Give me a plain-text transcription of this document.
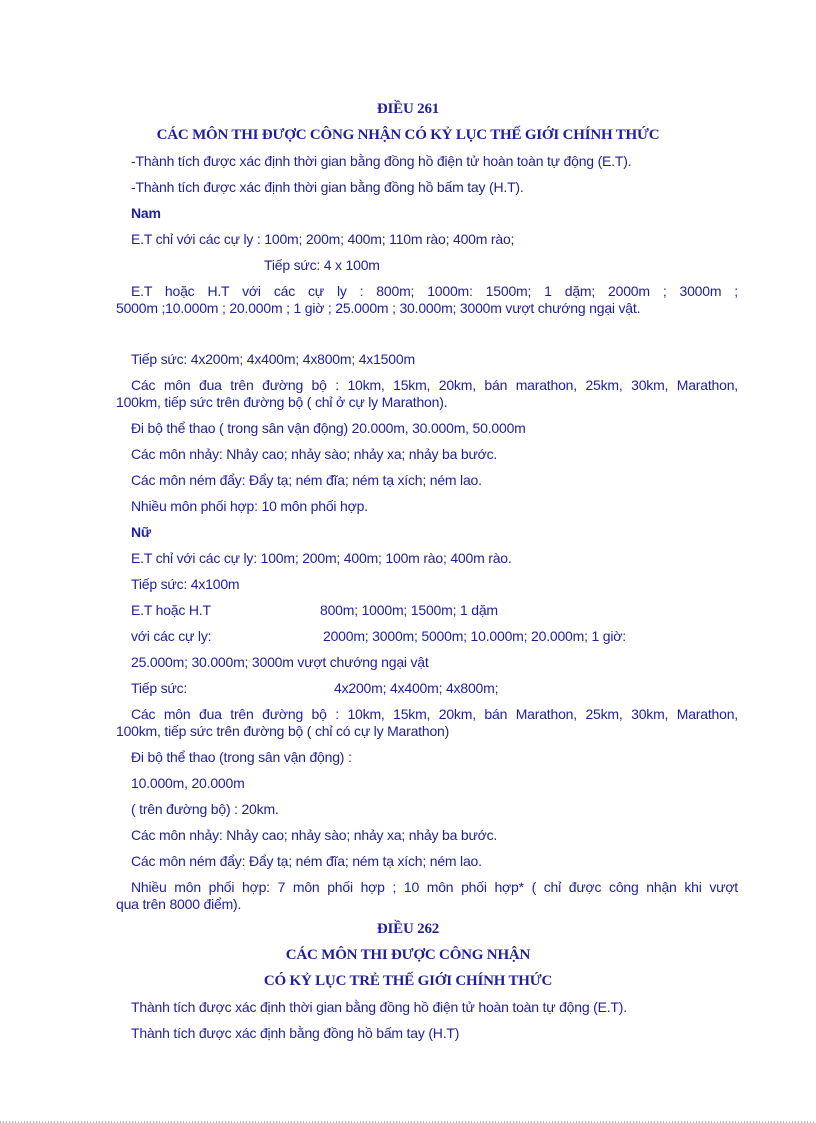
ĐIỀU 261
CÁC MÔN THI ĐƯỢC CÔNG NHẬN CÓ KỶ LỤC THẾ GIỚI CHÍNH THỨC
-Thành tích được xác định thời gian bằng đồng hồ điện tử hoàn toàn tự động (E.T).
-Thành tích được xác định thời gian bằng đồng hồ bấm tay (H.T).
Nam
E.T chỉ với các cự ly : 100m; 200m; 400m; 110m rào; 400m rào;
Tiếp sức: 4 x 100m
E.T hoặc H.T với các cự ly : 800m; 1000m: 1500m; 1 dặm; 2000m ; 3000m ;
5000m ;10.000m ; 20.000m ; 1 giờ ; 25.000m ; 30.000m; 3000m vượt chướng ngại vật.
Tiếp sức: 4x200m; 4x400m; 4x800m; 4x1500m
Các môn đua trên đường bộ : 10km, 15km, 20km, bán marathon, 25km, 30km, Marathon,
100km, tiếp sức trên đường bộ ( chỉ ở cự ly Marathon).
Đi bộ thể thao ( trong sân vận động) 20.000m, 30.000m, 50.000m
Các môn nhảy: Nhảy cao; nhảy sào; nhảy xa; nhảy ba bước.
Các môn ném đẩy: Đẩy tạ; ném đĩa; ném tạ xích; ném lao.
Nhiều môn phối hợp: 10 môn phối hợp.
Nữ
E.T chỉ với các cự ly: 100m; 200m; 400m; 100m rào; 400m rào.
Tiếp sức: 4x100m
E.T hoặc H.T	800m; 1000m; 1500m; 1 dặm
với các cự ly:	2000m; 3000m; 5000m; 10.000m; 20.000m; 1 giờ:
25.000m; 30.000m; 3000m vượt chướng ngại vật
Tiếp sức:	4x200m; 4x400m; 4x800m;
Các môn đua trên đường bộ : 10km, 15km, 20km, bán Marathon, 25km, 30km, Marathon,
100km, tiếp sức trên đường bộ ( chỉ có cự ly Marathon)
Đi bộ thể thao (trong sân vận động) :
10.000m, 20.000m
( trên đường bộ) : 20km.
Các môn nhảy: Nhảy cao; nhảy sào; nhảy xa; nhảy ba bước.
Các môn ném đẩy: Đẩy tạ; ném đĩa; ném tạ xích; ném lao.
Nhiều môn phối hợp: 7 môn phối hợp ; 10 môn phối hợp* ( chỉ được công nhận khi vượt
qua trên 8000 điểm).
ĐIỀU 262
CÁC MÔN THI ĐƯỢC CÔNG NHẬN
CÓ KỶ LỤC TRẺ THẾ GIỚI CHÍNH THỨC
Thành tích được xác định thời gian bằng đồng hồ điện tử hoàn toàn tự động (E.T).
Thành tích được xác định bằng đồng hồ bấm tay (H.T)
